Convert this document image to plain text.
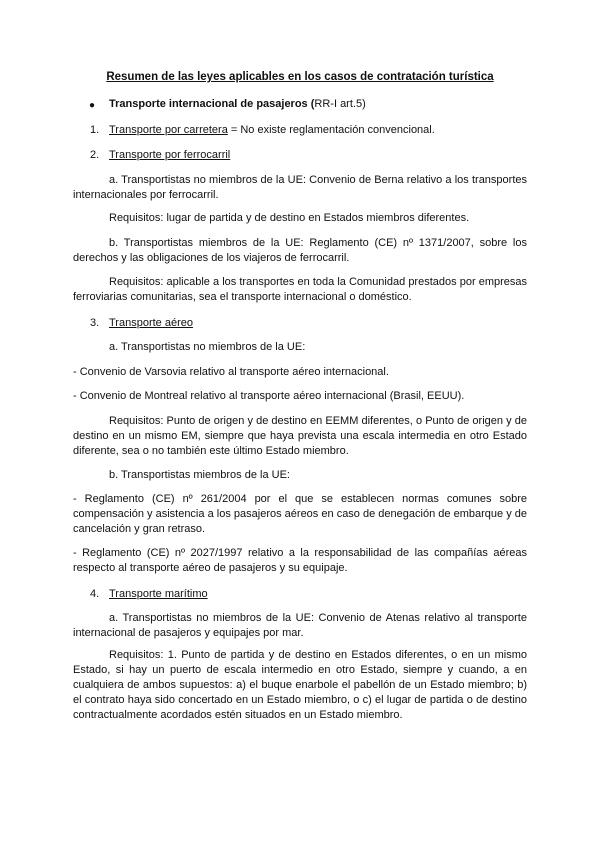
Resumen de las leyes aplicables en los casos de contratación turística

● Transporte internacional de pasajeros (RR-I art.5)

1. Transporte por carretera = No existe reglamentación convencional.

2. Transporte por ferrocarril

a. Transportistas no miembros de la UE: Convenio de Berna relativo a los transportes internacionales por ferrocarril.

Requisitos: lugar de partida y de destino en Estados miembros diferentes.

b. Transportistas miembros de la UE: Reglamento (CE) nº 1371/2007, sobre los derechos y las obligaciones de los viajeros de ferrocarril.

Requisitos: aplicable a los transportes en toda la Comunidad prestados por empresas ferroviarias comunitarias, sea el transporte internacional o doméstico.

3. Transporte aéreo

a. Transportistas no miembros de la UE:

- Convenio de Varsovia relativo al transporte aéreo internacional.

- Convenio de Montreal relativo al transporte aéreo internacional (Brasil, EEUU).

Requisitos: Punto de origen y de destino en EEMM diferentes, o Punto de origen y de destino en un mismo EM, siempre que haya prevista una escala intermedia en otro Estado diferente, sea o no también este último Estado miembro.

b. Transportistas miembros de la UE:

- Reglamento (CE) nº 261/2004 por el que se establecen normas comunes sobre compensación y asistencia a los pasajeros aéreos en caso de denegación de embarque y de cancelación y gran retraso.

- Reglamento (CE) nº 2027/1997 relativo a la responsabilidad de las compañías aéreas respecto al transporte aéreo de pasajeros y su equipaje.

4. Transporte marítimo

a. Transportistas no miembros de la UE: Convenio de Atenas relativo al transporte internacional de pasajeros y equipajes por mar.

Requisitos: 1. Punto de partida y de destino en Estados diferentes, o en un mismo Estado, si hay un puerto de escala intermedio en otro Estado, siempre y cuando, a en cualquiera de ambos supuestos: a) el buque enarbole el pabellón de un Estado miembro; b) el contrato haya sido concertado en un Estado miembro, o c) el lugar de partida o de destino contractualmente acordados estén situados en un Estado miembro.
